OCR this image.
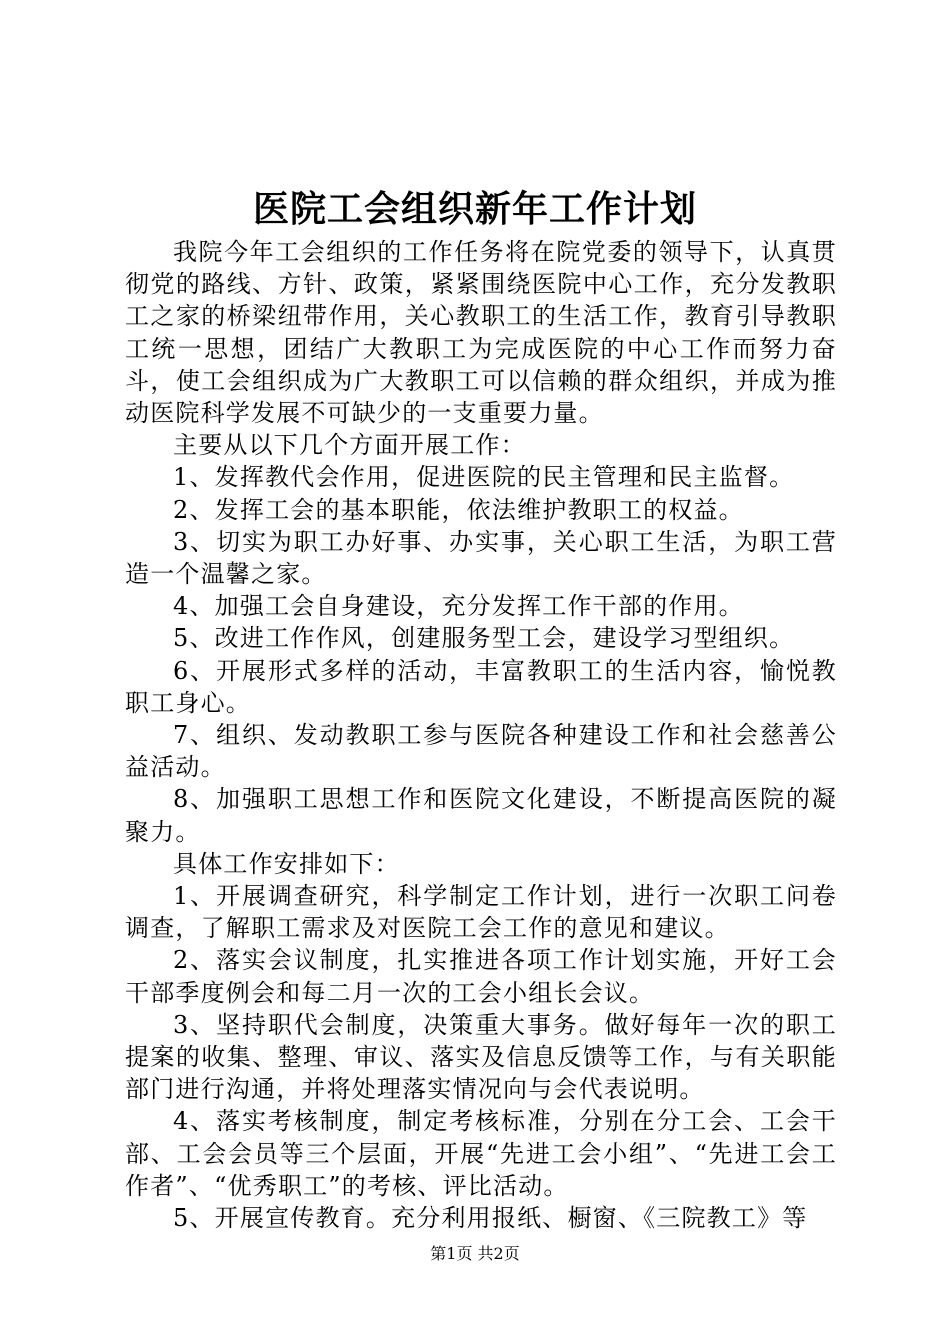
医院工会组织新年工作计划

我院今年工会组织的工作任务将在院党委的领导下，认真贯彻党的路线、方针、政策，紧紧围绕医院中心工作，充分发教职工之家的桥梁纽带作用，关心教职工的生活工作，教育引导教职工统一思想，团结广大教职工为完成医院的中心工作而努力奋斗，使工会组织成为广大教职工可以信赖的群众组织，并成为推动医院科学发展不可缺少的一支重要力量。

主要从以下几个方面开展工作：

1、发挥教代会作用，促进医院的民主管理和民主监督。

2、发挥工会的基本职能，依法维护教职工的权益。

3、切实为职工办好事、办实事，关心职工生活，为职工营造一个温馨之家。

4、加强工会自身建设，充分发挥工作干部的作用。

5、改进工作作风，创建服务型工会，建设学习型组织。

6、开展形式多样的活动，丰富教职工的生活内容，愉悦教职工身心。

7、组织、发动教职工参与医院各种建设工作和社会慈善公益活动。

8、加强职工思想工作和医院文化建设，不断提高医院的凝聚力。

具体工作安排如下：

1、开展调查研究，科学制定工作计划，进行一次职工问卷调查，了解职工需求及对医院工会工作的意见和建议。

2、落实会议制度，扎实推进各项工作计划实施，开好工会干部季度例会和每二月一次的工会小组长会议。

3、坚持职代会制度，决策重大事务。做好每年一次的职工提案的收集、整理、审议、落实及信息反馈等工作，与有关职能部门进行沟通，并将处理落实情况向与会代表说明。

4、落实考核制度，制定考核标准，分别在分工会、工会干部、工会会员等三个层面，开展“先进工会小组”、“先进工会工作者”、“优秀职工”的考核、评比活动。

5、开展宣传教育。充分利用报纸、橱窗、《三院教工》等

第1页 共2页
